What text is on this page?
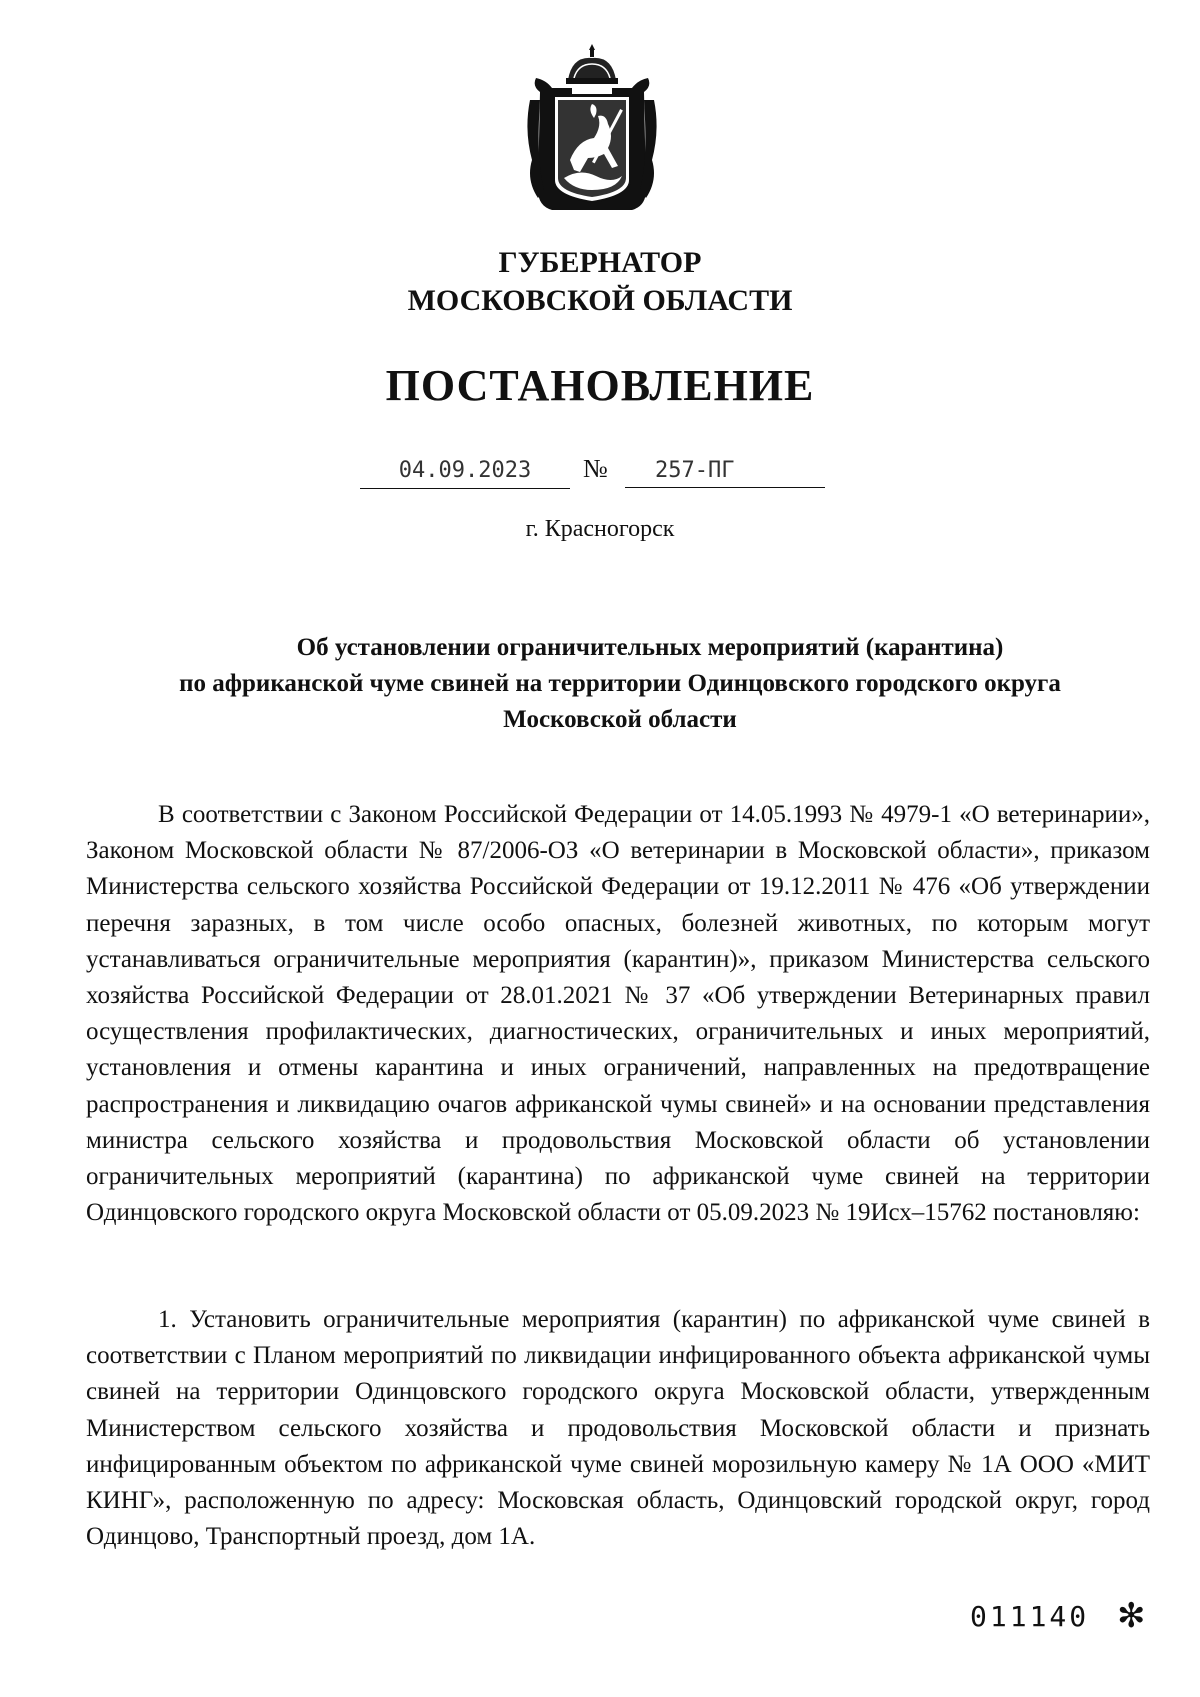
ГУБЕРНАТОР
МОСКОВСКОЙ ОБЛАСТИ
ПОСТАНОВЛЕНИЕ
04.09.2023	№	257-ПГ
г. Красногорск
Об установлении ограничительных мероприятий (карантина)
по африканской чуме свиней на территории Одинцовского городского округа
Московской области

В соответствии с Законом Российской Федерации от 14.05.1993 № 4979-1 «О ветеринарии», Законом Московской области № 87/2006-ОЗ «О ветеринарии в Московской области», приказом Министерства сельского хозяйства Российской Федерации от 19.12.2011 № 476 «Об утверждении перечня заразных, в том числе особо опасных, болезней животных, по которым могут устанавливаться ограничительные мероприятия (карантин)», приказом Министерства сельского хозяйства Российской Федерации от 28.01.2021 № 37 «Об утверждении Ветеринарных правил осуществления профилактических, диагностических, ограничительных и иных мероприятий, установления и отмены карантина и иных ограничений, направленных на предотвращение распространения и ликвидацию очагов африканской чумы свиней» и на основании представления министра сельского хозяйства и продовольствия Московской области об установлении ограничительных мероприятий (карантина) по африканской чуме свиней на территории Одинцовского городского округа Московской области от 05.09.2023 № 19Исх–15762 постановляю:

1. Установить ограничительные мероприятия (карантин) по африканской чуме свиней в соответствии с Планом мероприятий по ликвидации инфицированного объекта африканской чумы свиней на территории Одинцовского городского округа Московской области, утвержденным Министерством сельского хозяйства и продовольствия Московской области и признать инфицированным объектом по африканской чуме свиней морозильную камеру № 1А ООО «МИТ КИНГ», расположенную по адресу: Московская область, Одинцовский городской округ, город Одинцово, Транспортный проезд, дом 1А.

011140 ✻
